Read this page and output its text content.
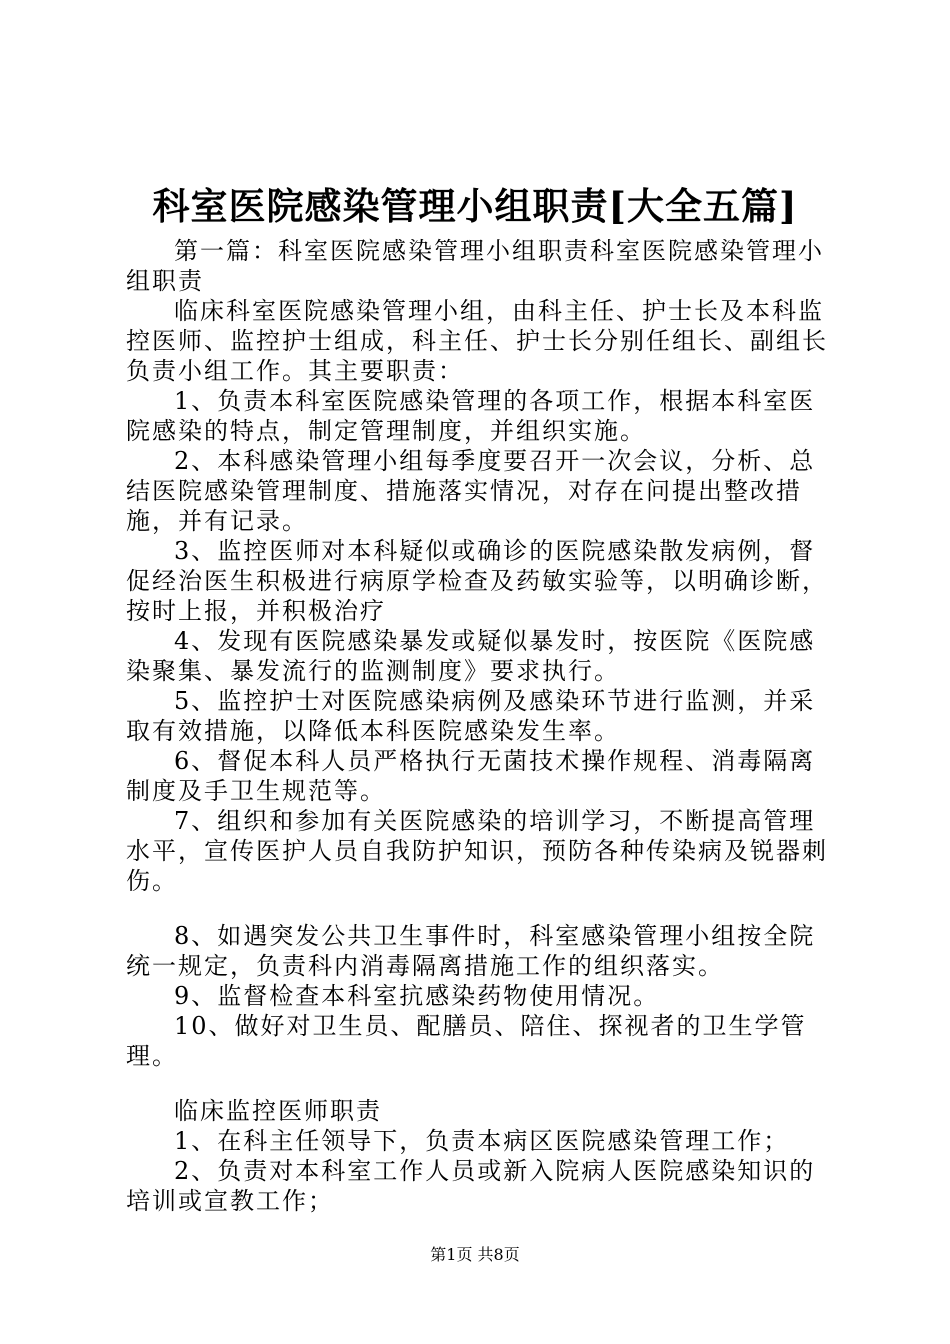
科室医院感染管理小组职责[大全五篇]

第一篇：科室医院感染管理小组职责科室医院感染管理小组职责

临床科室医院感染管理小组，由科主任、护士长及本科监控医师、监控护士组成，科主任、护士长分别任组长、副组长负责小组工作。其主要职责：

1、负责本科室医院感染管理的各项工作，根据本科室医院感染的特点，制定管理制度，并组织实施。

2、本科感染管理小组每季度要召开一次会议，分析、总结医院感染管理制度、措施落实情况，对存在问提出整改措施，并有记录。

3、监控医师对本科疑似或确诊的医院感染散发病例，督促经治医生积极进行病原学检查及药敏实验等，以明确诊断，按时上报，并积极治疗

4、发现有医院感染暴发或疑似暴发时，按医院《医院感染聚集、暴发流行的监测制度》要求执行。

5、监控护士对医院感染病例及感染环节进行监测，并采取有效措施，以降低本科医院感染发生率。

6、督促本科人员严格执行无菌技术操作规程、消毒隔离制度及手卫生规范等。

7、组织和参加有关医院感染的培训学习，不断提高管理水平，宣传医护人员自我防护知识，预防各种传染病及锐器刺伤。

8、如遇突发公共卫生事件时，科室感染管理小组按全院统一规定，负责科内消毒隔离措施工作的组织落实。

9、监督检查本科室抗感染药物使用情况。

10、做好对卫生员、配膳员、陪住、探视者的卫生学管理。

临床监控医师职责

1、在科主任领导下，负责本病区医院感染管理工作；

2、负责对本科室工作人员或新入院病人医院感染知识的培训或宣教工作；

第1页 共8页
